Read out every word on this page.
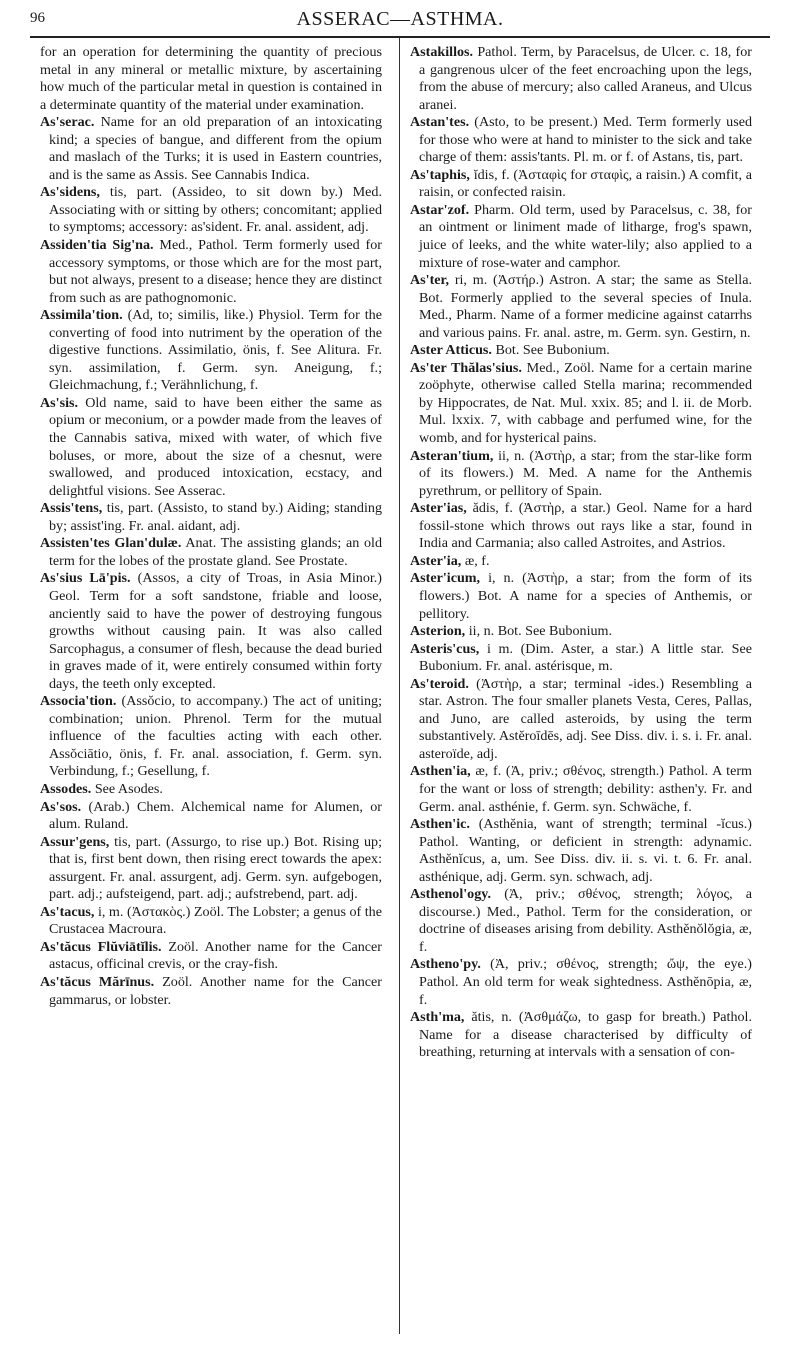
96	ASSERAC—ASTHMA.

for an operation for determining the quantity of precious metal in any mineral or metallic mixture, by ascertaining how much of the particular metal in question is contained in a determinate quantity of the material under examination.

As'serac. Name for an old preparation of an intoxicating kind; a species of bangue, and different from the opium and maslach of the Turks; it is used in Eastern countries, and is the same as Assis. See Cannabis Indica.

As'sidens, tis, part. (Assideo, to sit down by.) Med. Associating with or sitting by others; concomitant; applied to symptoms; accessory: as'sident. Fr. anal. assident, adj.

Assiden'tia Sig'na. Med., Pathol. Term formerly used for accessory symptoms, or those which are for the most part, but not always, present to a disease; hence they are distinct from such as are pathognomonic.

Assimila'tion. (Ad, to; similis, like.) Physiol. Term for the converting of food into nutriment by the operation of the digestive functions. Assimilatio, önis, f. See Alitura. Fr. syn. assimilation, f. Germ. syn. Aneigung, f.; Gleichmachung, f.; Verähnlichung, f.

As'sis. Old name, said to have been either the same as opium or meconium, or a powder made from the leaves of the Cannabis sativa, mixed with water, of which five boluses, or more, about the size of a chesnut, were swallowed, and produced intoxication, ecstacy, and delightful visions. See Asserac.

Assis'tens, tis, part. (Assisto, to stand by.) Aiding; standing by; assist'ing. Fr. anal. aidant, adj.

Assisten'tes Glan'dulæ. Anat. The assisting glands; an old term for the lobes of the prostate gland. See Prostate.

As'sius Lā'pis. (Assos, a city of Troas, in Asia Minor.) Geol. Term for a soft sandstone, friable and loose, anciently said to have the power of destroying fungous growths without causing pain. It was also called Sarcophagus, a consumer of flesh, because the dead buried in graves made of it, were entirely consumed within forty days, the teeth only excepted.

Associa'tion. (Assŏcio, to accompany.) The act of uniting; combination; union. Phrenol. Term for the mutual influence of the faculties acting with each other. Assŏciātio, önis, f. Fr. anal. association, f. Germ. syn. Verbindung, f.; Gesellung, f.

Assodes. See Asodes.

As'sos. (Arab.) Chem. Alchemical name for Alumen, or alum. Ruland.

Assur'gens, tis, part. (Assurgo, to rise up.) Bot. Rising up; that is, first bent down, then rising erect towards the apex: assurgent. Fr. anal. assurgent, adj. Germ. syn. aufgebogen, part. adj.; aufsteigend, part. adj.; aufstrebend, part. adj.

As'tacus, i, m. (Ἀστακὸς.) Zoöl. The Lobster; a genus of the Crustacea Macroura.

As'tăcus Flŭviātĭlis. Zoöl. Another name for the Cancer astacus, officinal crevis, or the cray-fish.

As'tăcus Mărīnus. Zoöl. Another name for the Cancer gammarus, or lobster.

Astakillos. Pathol. Term, by Paracelsus, de Ulcer. c. 18, for a gangrenous ulcer of the feet encroaching upon the legs, from the abuse of mercury; also called Araneus, and Ulcus aranei.

Astan'tes. (Asto, to be present.) Med. Term formerly used for those who were at hand to minister to the sick and take charge of them: assis'tants. Pl. m. or f. of Astans, tis, part.

As'taphis, ĭdis, f. (Ἀσταφὶς for σταφὶς, a raisin.) A comfit, a raisin, or confected raisin.

Astar'zof. Pharm. Old term, used by Paracelsus, c. 38, for an ointment or liniment made of litharge, frog's spawn, juice of leeks, and the white water-lily; also applied to a mixture of rose-water and camphor.

As'ter, ri, m. (Ἀστήρ.) Astron. A star; the same as Stella. Bot. Formerly applied to the several species of Inula. Med., Pharm. Name of a former medicine against catarrhs and various pains. Fr. anal. astre, m. Germ. syn. Gestirn, n.

Aster Atticus. Bot. See Bubonium.

As'ter Thălas'sius. Med., Zoöl. Name for a certain marine zoöphyte, otherwise called Stella marina; recommended by Hippocrates, de Nat. Mul. xxix. 85; and l. ii. de Morb. Mul. lxxix. 7, with cabbage and perfumed wine, for the womb, and for hysterical pains.

Asteran'tium, ii, n. (Ἀστὴρ, a star; from the star-like form of its flowers.) M. Med. A name for the Anthemis pyrethrum, or pellitory of Spain.

Aster'ias, ădis, f. (Ἀστὴρ, a star.) Geol. Name for a hard fossil-stone which throws out rays like a star, found in India and Carmania; also called Astroites, and Astrios.

Aster'ia, æ, f.

Aster'icum, i, n. (Ἀστὴρ, a star; from the form of its flowers.) Bot. A name for a species of Anthemis, or pellitory.

Asterion, ii, n. Bot. See Bubonium.

Asteris'cus, i m. (Dim. Aster, a star.) A little star. See Bubonium. Fr. anal. astérisque, m.

As'teroid. (Ἀστὴρ, a star; terminal -ides.) Resembling a star. Astron. The four smaller planets Vesta, Ceres, Pallas, and Juno, are called asteroids, by using the term substantively. Astĕroīdēs, adj. See Diss. div. i. s. i. Fr. anal. asteroïde, adj.

Asthen'ia, æ, f. (Ἀ, priv.; σθένος, strength.) Pathol. A term for the want or loss of strength; debility: asthen'y. Fr. and Germ. anal. asthénie, f. Germ. syn. Schwäche, f.

Asthen'ic. (Asthĕnia, want of strength; terminal -ĭcus.) Pathol. Wanting, or deficient in strength: adynamic. Asthĕnĭcus, a, um. See Diss. div. ii. s. vi. t. 6. Fr. anal. asthénique, adj. Germ. syn. schwach, adj.

Asthenol'ogy. (Ἀ, priv.; σθένος, strength; λόγος, a discourse.) Med., Pathol. Term for the consideration, or doctrine of diseases arising from debility. Asthĕnŏlŏgia, æ, f.

Astheno'py. (Ἀ, priv.; σθένος, strength; ὤψ, the eye.) Pathol. An old term for weak sightedness. Asthĕnōpia, æ, f.

Asth'ma, ătis, n. (Ἀσθμάζω, to gasp for breath.) Pathol. Name for a disease characterised by difficulty of breathing, returning at intervals with a sensation of con-
